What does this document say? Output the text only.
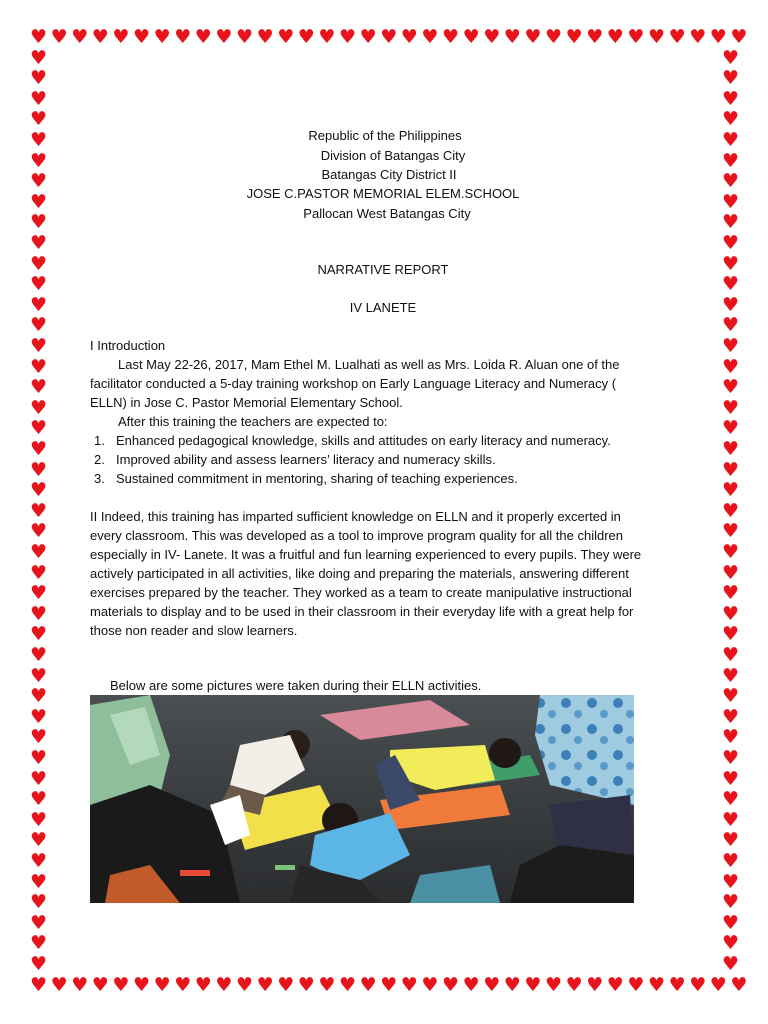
♥
♥
♥
♥
♥
♥
♥
♥
♥
♥
♥
♥
♥
♥
♥
♥
♥
♥
♥
♥
♥
♥
♥
♥
♥
♥
♥
♥
♥
♥
♥
♥
♥
♥
♥
♥
♥
♥
♥
♥
♥
♥
♥
♥
♥
♥
♥
♥
♥
♥
♥
♥
♥
♥
♥
♥
♥
♥
♥
♥
♥
♥
♥
♥
♥
♥
♥
♥
♥
♥
♥	♥
♥	♥
♥	♥
♥	♥
♥	♥
♥	♥
♥	♥
♥	♥
♥	♥
♥	♥
♥	♥
♥	♥
♥	♥
♥	♥
♥	♥
♥	♥
♥	♥
♥	♥
♥	♥
♥	♥
♥	♥
♥	♥
♥	♥
♥	♥
♥	♥
♥	♥
♥	♥
♥	♥
♥	♥
♥	♥
♥	♥
♥	♥
♥	♥
♥	♥
♥	♥
♥	♥
♥	♥
♥	♥
♥	♥
♥	♥
♥	♥
♥	♥
♥	♥
♥	♥
♥	♥
Republic of the Philippines
Division of Batangas City
Batangas City District II
JOSE C.PASTOR MEMORIAL ELEM.SCHOOL
Pallocan West Batangas City
NARRATIVE REPORT
IV LANETE
I Introduction
Last May 22-26, 2017, Mam Ethel M. Lualhati as well as Mrs. Loida R. Aluan one of the
facilitator conducted a 5-day training workshop on Early Language Literacy and Numeracy (
ELLN) in Jose C. Pastor Memorial Elementary School.
After this training the teachers are expected to:
1. Enhanced pedagogical knowledge, skills and attitudes on early literacy and numeracy.
2. Improved ability and assess learners’ literacy and numeracy skills.
3. Sustained commitment in mentoring, sharing of teaching experiences.
II Indeed, this training has imparted sufficient knowledge on ELLN and it properly excerted in
every classroom. This was developed as a tool to improve program quality for all the children
especially in IV- Lanete. It was a fruitful and fun learning experienced to every pupils. They were
actively participated in all activities, like doing and preparing the materials, answering different
exercises prepared by the teacher. They worked as a team to create manipulative instructional
materials to display and to be used in their classroom in their everyday life with a great help for
those non reader and slow learners.
Below are some pictures were taken during their ELLN activities.
